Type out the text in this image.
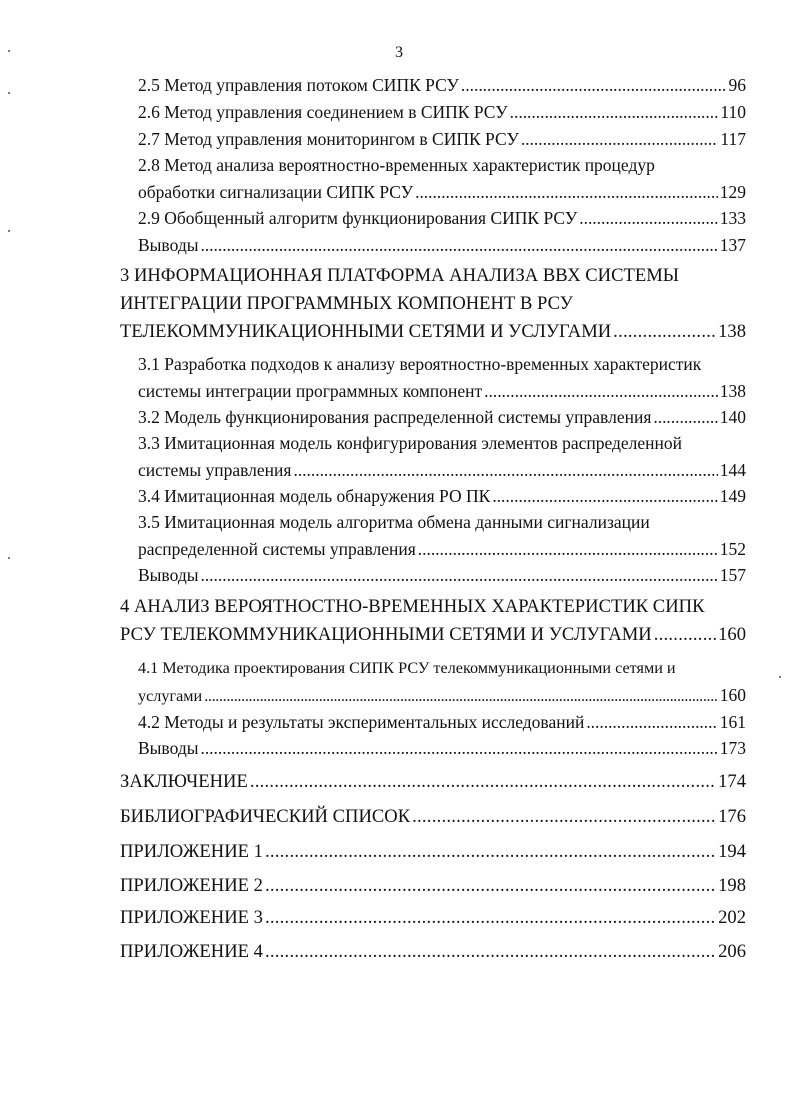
3
2.5 Метод управления потоком СИПК РСУ . . .	96
2.6 Метод управления соединением в СИПК РСУ . . .	110
2.7 Метод управления мониторингом в СИПК РСУ . . .	117
2.8 Метод анализа вероятностно-временных характеристик процедур
обработки сигнализации СИПК РСУ . . .	129
2.9 Обобщенный алгоритм функционирования СИПК РСУ . . .	133
Выводы . . .	137
3 ИНФОРМАЦИОННАЯ ПЛАТФОРМА АНАЛИЗА ВВХ СИСТЕМЫ
ИНТЕГРАЦИИ ПРОГРАММНЫХ КОМПОНЕНТ В РСУ
ТЕЛЕКОММУНИКАЦИОННЫМИ СЕТЯМИ И УСЛУГАМИ . . .	138
3.1 Разработка подходов к анализу вероятностно-временных характеристик
системы интеграции программных компонент . . .	138
3.2 Модель функционирования распределенной системы управления . . .	140
3.3 Имитационная модель конфигурирования элементов распределенной
системы управления . . .	144
3.4 Имитационная модель обнаружения РО ПК . . .	149
3.5 Имитационная модель алгоритма обмена данными сигнализации
распределенной системы управления . . .	152
Выводы . . .	157
4 АНАЛИЗ ВЕРОЯТНОСТНО-ВРЕМЕННЫХ ХАРАКТЕРИСТИК СИПК
РСУ ТЕЛЕКОММУНИКАЦИОННЫМИ СЕТЯМИ И УСЛУГАМИ . . .	160
4.1 Методика проектирования СИПК РСУ телекоммуникационными сетями и
услугами . . .	160
4.2 Методы и результаты экспериментальных исследований . . .	161
Выводы . . .	173
ЗАКЛЮЧЕНИЕ . . .	174
БИБЛИОГРАФИЧЕСКИЙ СПИСОК . . .	176
ПРИЛОЖЕНИЕ 1 . . .	194
ПРИЛОЖЕНИЕ 2 . . .	198
ПРИЛОЖЕНИЕ 3 . . .	202
ПРИЛОЖЕНИЕ 4 . . .	206
